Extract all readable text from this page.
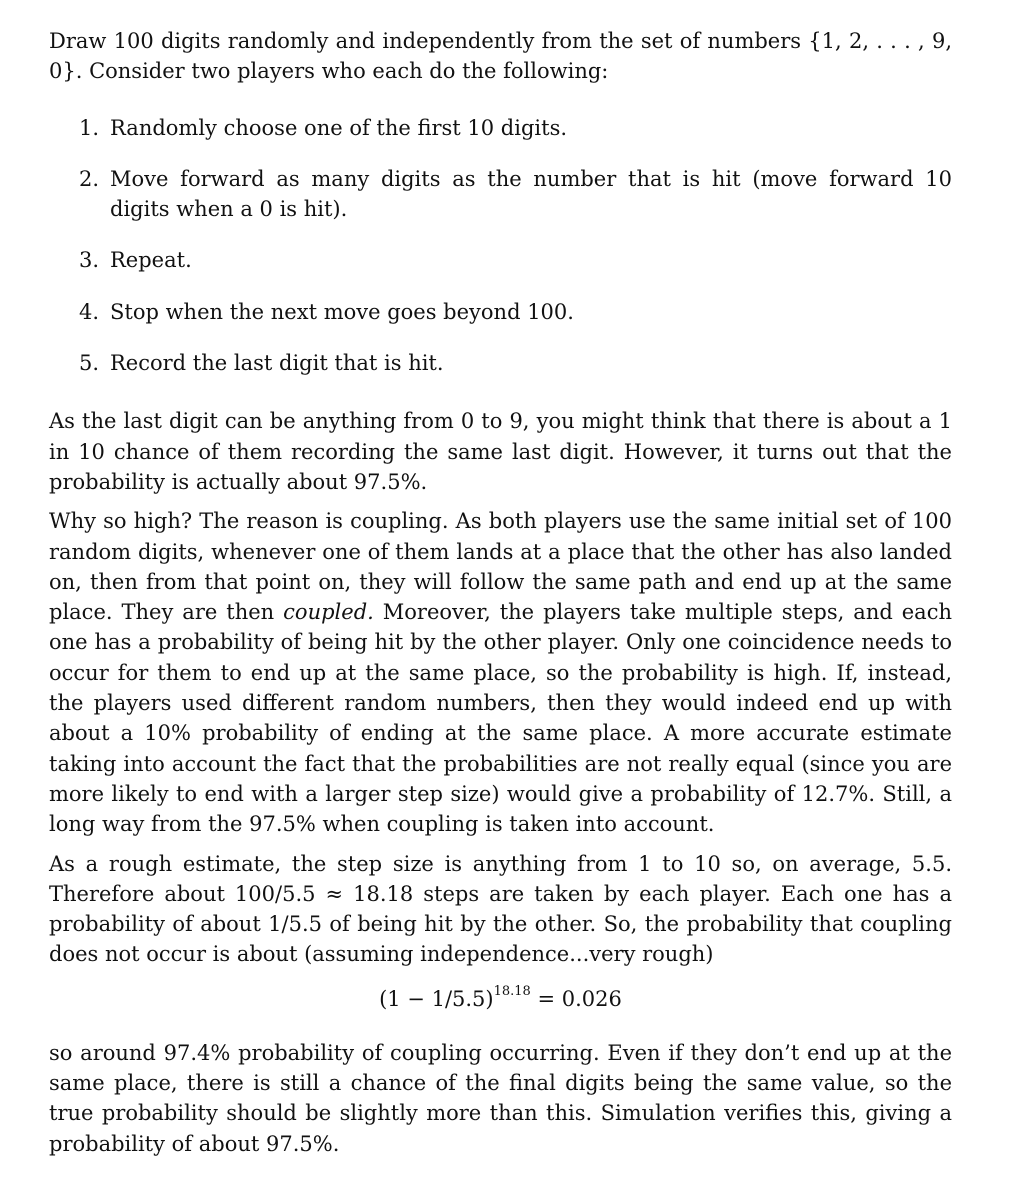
Draw 100 digits randomly and independently from the set of numbers {1, 2, . . . , 9, 0}. Consider two players who each do the following:

1. Randomly choose one of the first 10 digits.
2. Move forward as many digits as the number that is hit (move forward 10 digits when a 0 is hit).
3. Repeat.
4. Stop when the next move goes beyond 100.
5. Record the last digit that is hit.

As the last digit can be anything from 0 to 9, you might think that there is about a 1 in 10 chance of them recording the same last digit. However, it turns out that the probability is actually about 97.5%.

Why so high? The reason is coupling. As both players use the same initial set of 100 random digits, whenever one of them lands at a place that the other has also landed on, then from that point on, they will follow the same path and end up at the same place. They are then coupled. Moreover, the players take multiple steps, and each one has a probability of being hit by the other player. Only one coincidence needs to occur for them to end up at the same place, so the probability is high. If, instead, the players used different random numbers, then they would indeed end up with about a 10% probability of ending at the same place. A more accurate estimate taking into account the fact that the probabilities are not really equal (since you are more likely to end with a larger step size) would give a probability of 12.7%. Still, a long way from the 97.5% when coupling is taken into account.

As a rough estimate, the step size is anything from 1 to 10 so, on average, 5.5. Therefore about 100/5.5 ≈ 18.18 steps are taken by each player. Each one has a probability of about 1/5.5 of being hit by the other. So, the probability that coupling does not occur is about (assuming independence...very rough)

$(1 - 1/5.5)^{18.18} = 0.026$

so around 97.4% probability of coupling occurring. Even if they don’t end up at the same place, there is still a chance of the final digits being the same value, so the true probability should be slightly more than this. Simulation verifies this, giving a probability of about 97.5%.
